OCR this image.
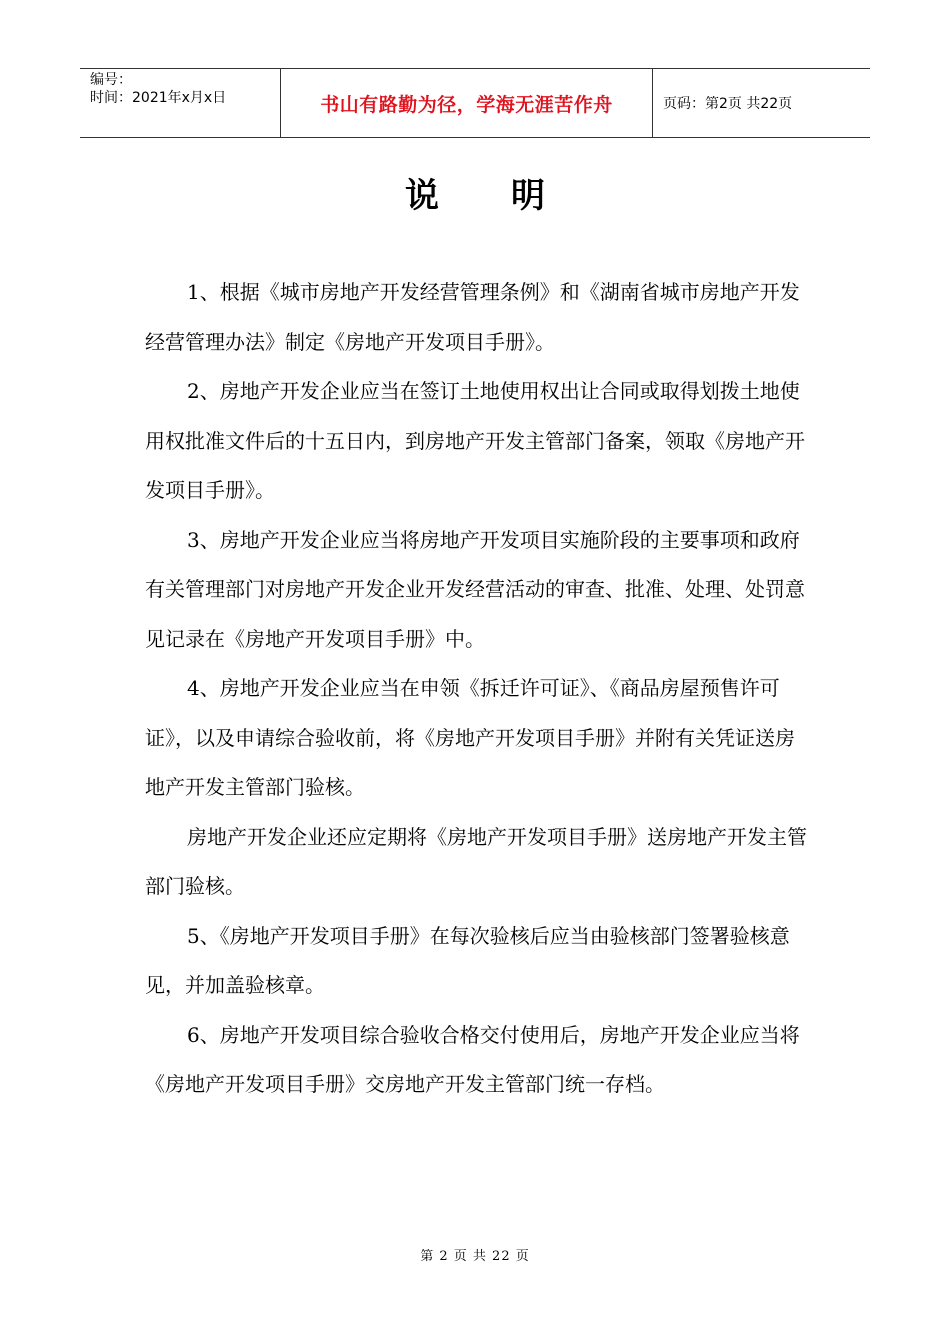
编号：
时间：2021年x月x日	书山有路勤为径，学海无涯苦作舟	页码：第2页 共22页
说明

1、根据《城市房地产开发经营管理条例》和《湖南省城市房地产开发经营管理办法》制定《房地产开发项目手册》。

2、房地产开发企业应当在签订土地使用权出让合同或取得划拨土地使用权批准文件后的十五日内，到房地产开发主管部门备案，领取《房地产开发项目手册》。

3、房地产开发企业应当将房地产开发项目实施阶段的主要事项和政府有关管理部门对房地产开发企业开发经营活动的审查、批准、处理、处罚意见记录在《房地产开发项目手册》中。

4、房地产开发企业应当在申领《拆迁许可证》、《商品房屋预售许可证》，以及申请综合验收前，将《房地产开发项目手册》并附有关凭证送房地产开发主管部门验核。

房地产开发企业还应定期将《房地产开发项目手册》送房地产开发主管部门验核。

5、《房地产开发项目手册》在每次验核后应当由验核部门签署验核意见，并加盖验核章。

6、房地产开发项目综合验收合格交付使用后，房地产开发企业应当将《房地产开发项目手册》交房地产开发主管部门统一存档。

第 2 页 共 22 页
